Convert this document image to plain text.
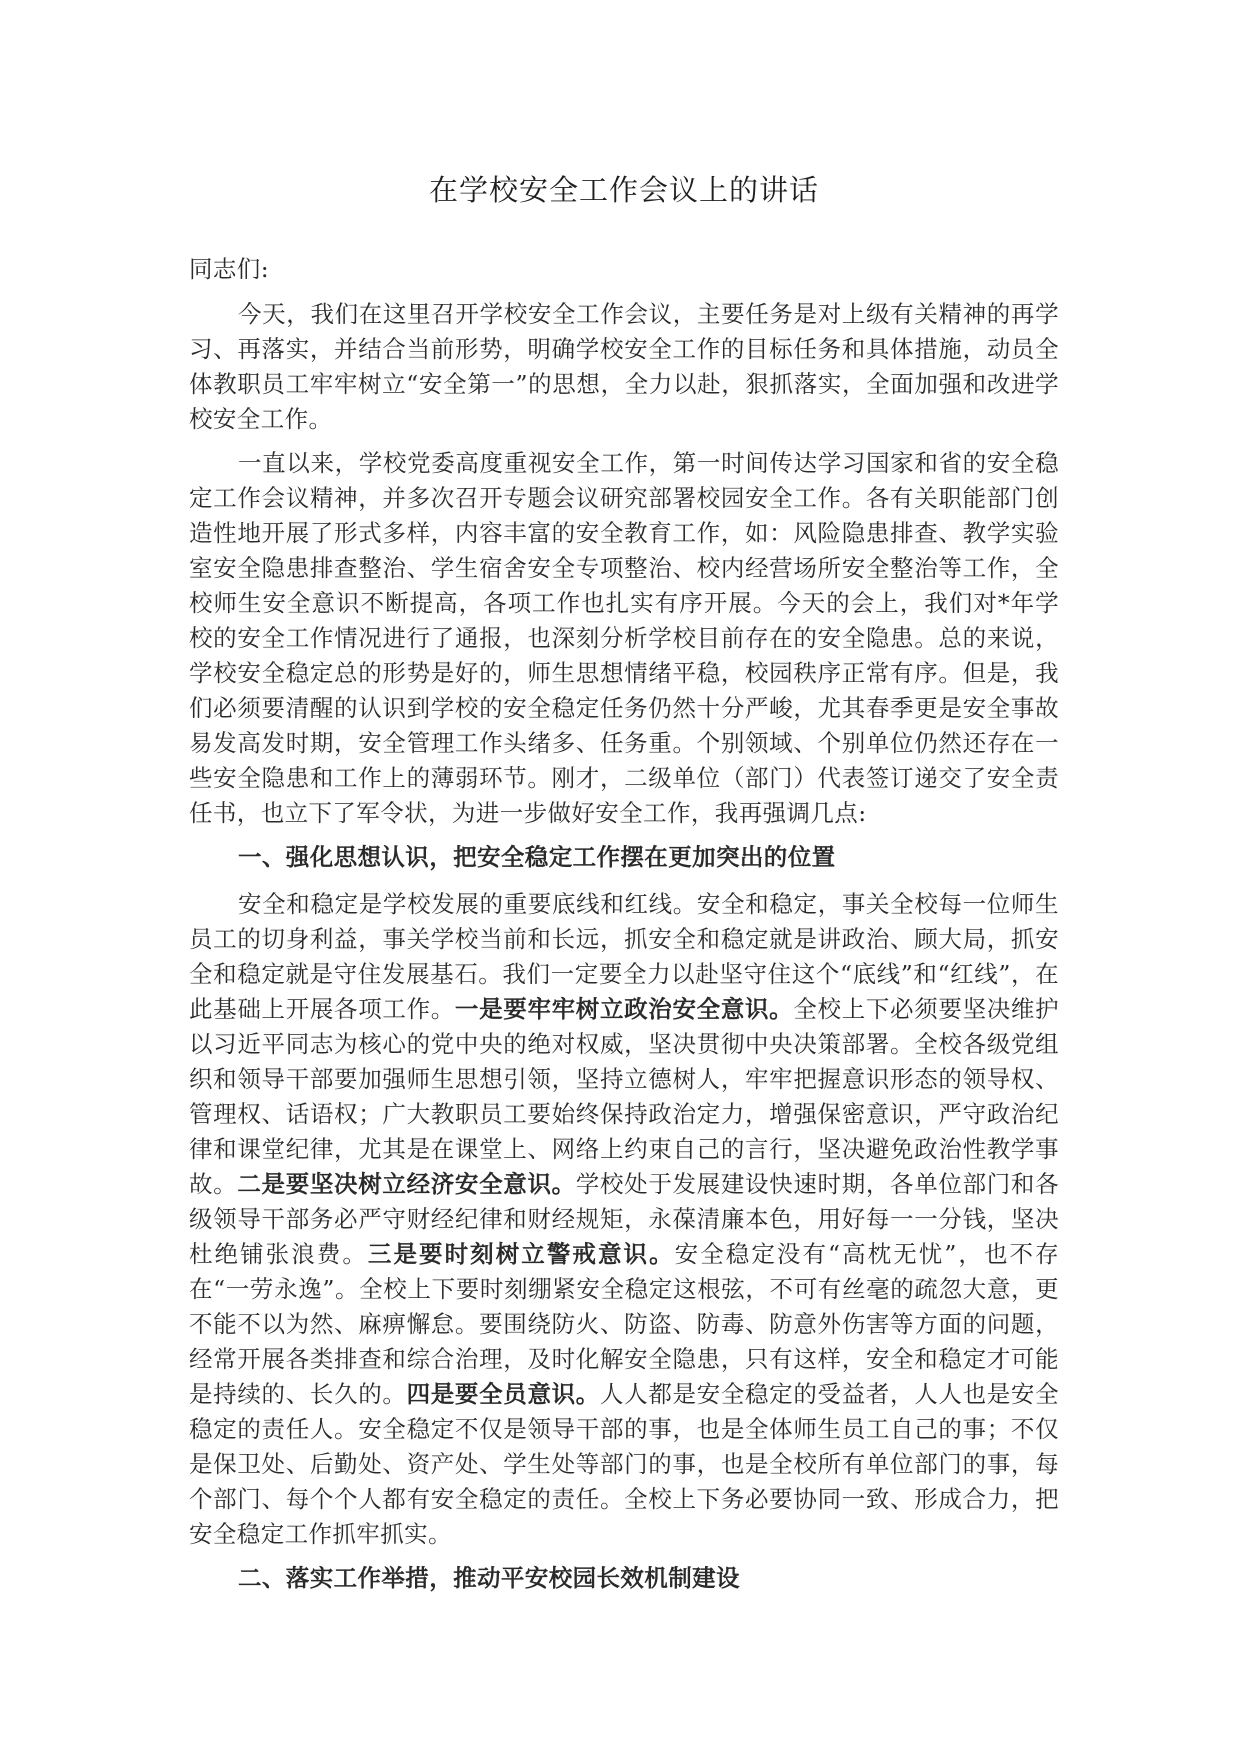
在学校安全工作会议上的讲话

同志们:

今天，我们在这里召开学校安全工作会议，主要任务是对上级有关精神的再学习、再落实，并结合当前形势，明确学校安全工作的目标任务和具体措施，动员全体教职员工牢牢树立“安全第一”的思想，全力以赴，狠抓落实，全面加强和改进学校安全工作。

一直以来，学校党委高度重视安全工作，第一时间传达学习国家和省的安全稳定工作会议精神，并多次召开专题会议研究部署校园安全工作。各有关职能部门创造性地开展了形式多样，内容丰富的安全教育工作，如：风险隐患排查、教学实验室安全隐患排查整治、学生宿舍安全专项整治、校内经营场所安全整治等工作，全校师生安全意识不断提高，各项工作也扎实有序开展。今天的会上，我们对*年学校的安全工作情况进行了通报，也深刻分析学校目前存在的安全隐患。总的来说，学校安全稳定总的形势是好的，师生思想情绪平稳，校园秩序正常有序。但是，我们必须要清醒的认识到学校的安全稳定任务仍然十分严峻，尤其春季更是安全事故易发高发时期，安全管理工作头绪多、任务重。个别领域、个别单位仍然还存在一些安全隐患和工作上的薄弱环节。刚才，二级单位（部门）代表签订递交了安全责任书，也立下了军令状，为进一步做好安全工作，我再强调几点:

一、强化思想认识，把安全稳定工作摆在更加突出的位置

安全和稳定是学校发展的重要底线和红线。安全和稳定，事关全校每一位师生员工的切身利益，事关学校当前和长远，抓安全和稳定就是讲政治、顾大局，抓安全和稳定就是守住发展基石。我们一定要全力以赴坚守住这个“底线”和“红线”，在此基础上开展各项工作。一是要牢牢树立政治安全意识。全校上下必须要坚决维护以习近平同志为核心的党中央的绝对权威，坚决贯彻中央决策部署。全校各级党组织和领导干部要加强师生思想引领，坚持立德树人，牢牢把握意识形态的领导权、管理权、话语权；广大教职员工要始终保持政治定力，增强保密意识，严守政治纪律和课堂纪律，尤其是在课堂上、网络上约束自己的言行，坚决避免政治性教学事故。二是要坚决树立经济安全意识。学校处于发展建设快速时期，各单位部门和各级领导干部务必严守财经纪律和财经规矩，永葆清廉本色，用好每一一分钱，坚决杜绝铺张浪费。三是要时刻树立警戒意识。安全稳定没有“高枕无忧”，也不存在“一劳永逸”。全校上下要时刻绷紧安全稳定这根弦，不可有丝毫的疏忽大意，更不能不以为然、麻痹懈怠。要围绕防火、防盗、防毒、防意外伤害等方面的问题，经常开展各类排查和综合治理，及时化解安全隐患，只有这样，安全和稳定才可能是持续的、长久的。四是要全员意识。人人都是安全稳定的受益者，人人也是安全稳定的责任人。安全稳定不仅是领导干部的事，也是全体师生员工自己的事；不仅是保卫处、后勤处、资产处、学生处等部门的事，也是全校所有单位部门的事，每个部门、每个个人都有安全稳定的责任。全校上下务必要协同一致、形成合力，把安全稳定工作抓牢抓实。

二、落实工作举措，推动平安校园长效机制建设
